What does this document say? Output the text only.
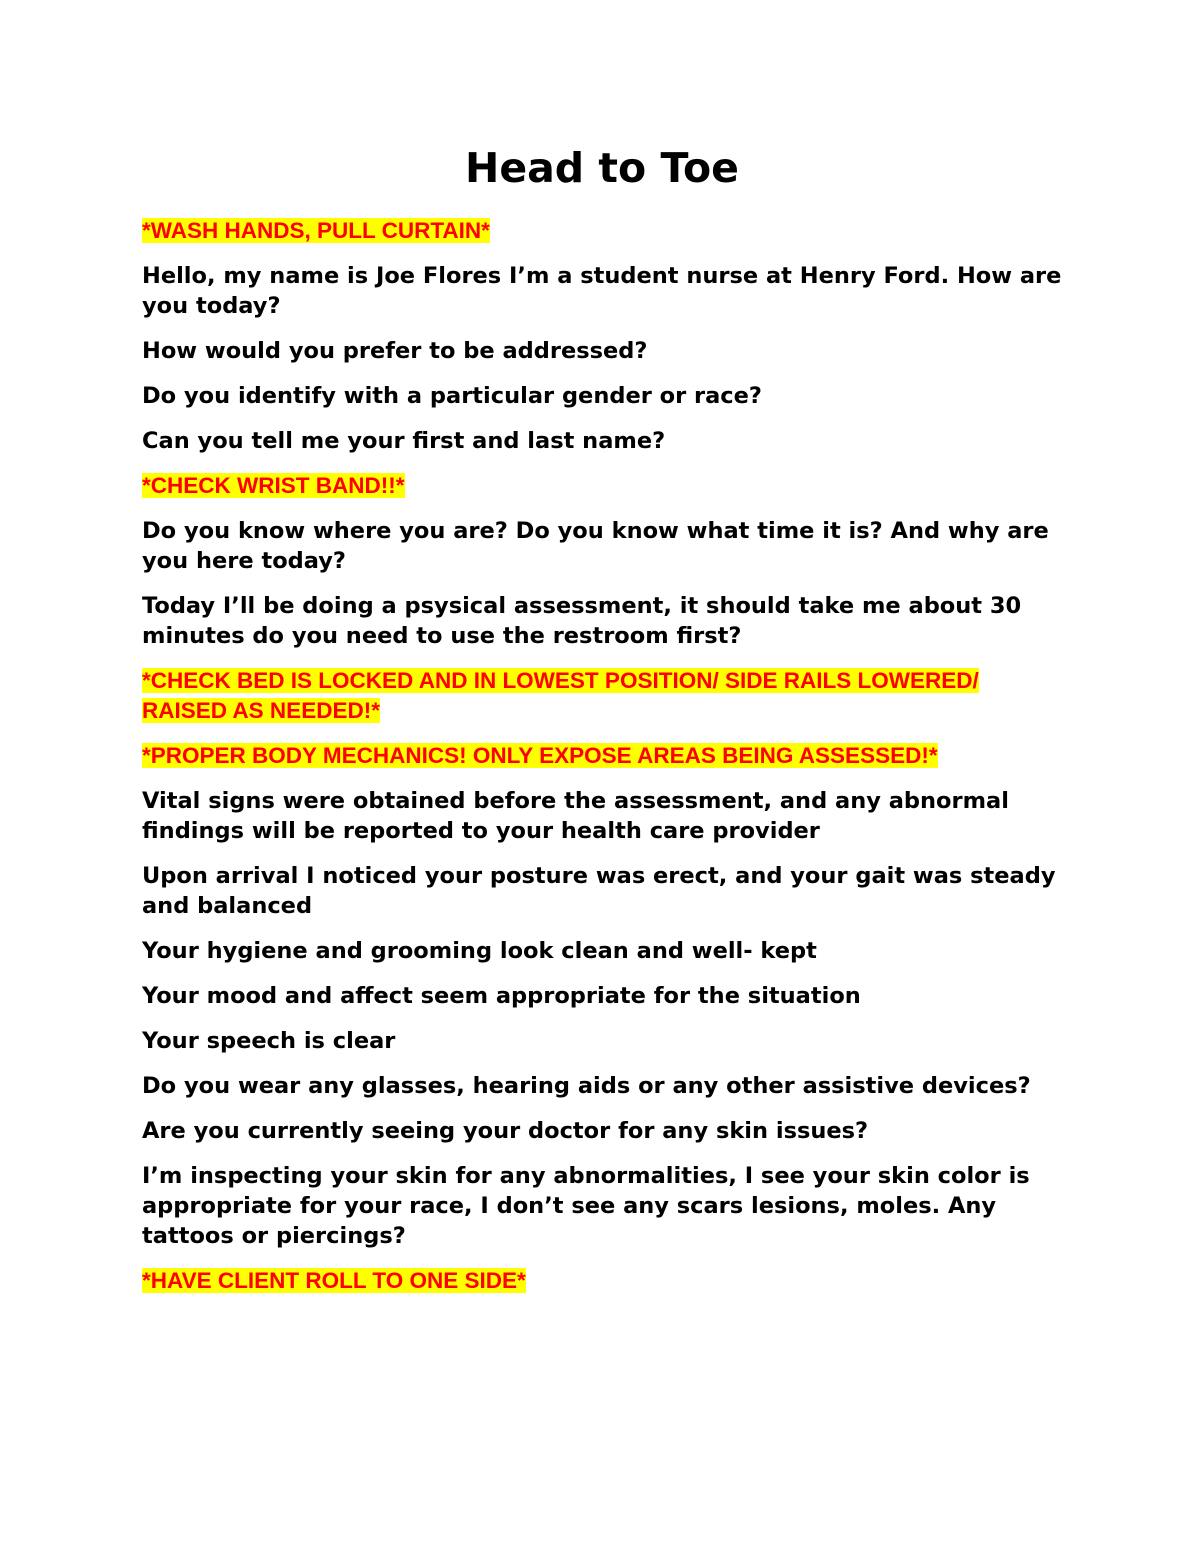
Head to Toe
*WASH HANDS, PULL CURTAIN*
Hello, my name is Joe Flores I’m a student nurse at Henry Ford. How are you today?
How would you prefer to be addressed?
Do you identify with a particular gender or race?
Can you tell me your first and last name?
*CHECK WRIST BAND!!*
Do you know where you are? Do you know what time it is? And why are you here today?
Today I’ll be doing a psysical assessment, it should take me about 30 minutes do you need to use the restroom first?
*CHECK BED IS LOCKED AND IN LOWEST POSITION/ SIDE RAILS LOWERED/ RAISED AS NEEDED!*
*PROPER BODY MECHANICS! ONLY EXPOSE AREAS BEING ASSESSED!*
Vital signs were obtained before the assessment, and any abnormal findings will be reported to your health care provider
Upon arrival I noticed your posture was erect, and your gait was steady and balanced
Your hygiene and grooming look clean and well- kept
Your mood and affect seem appropriate for the situation
Your speech is clear
Do you wear any glasses, hearing aids or any other assistive devices?
Are you currently seeing your doctor for any skin issues?
I’m inspecting your skin for any abnormalities, I see your skin color is appropriate for your race, I don’t see any scars lesions, moles. Any tattoos or piercings?
*HAVE CLIENT ROLL TO ONE SIDE*
